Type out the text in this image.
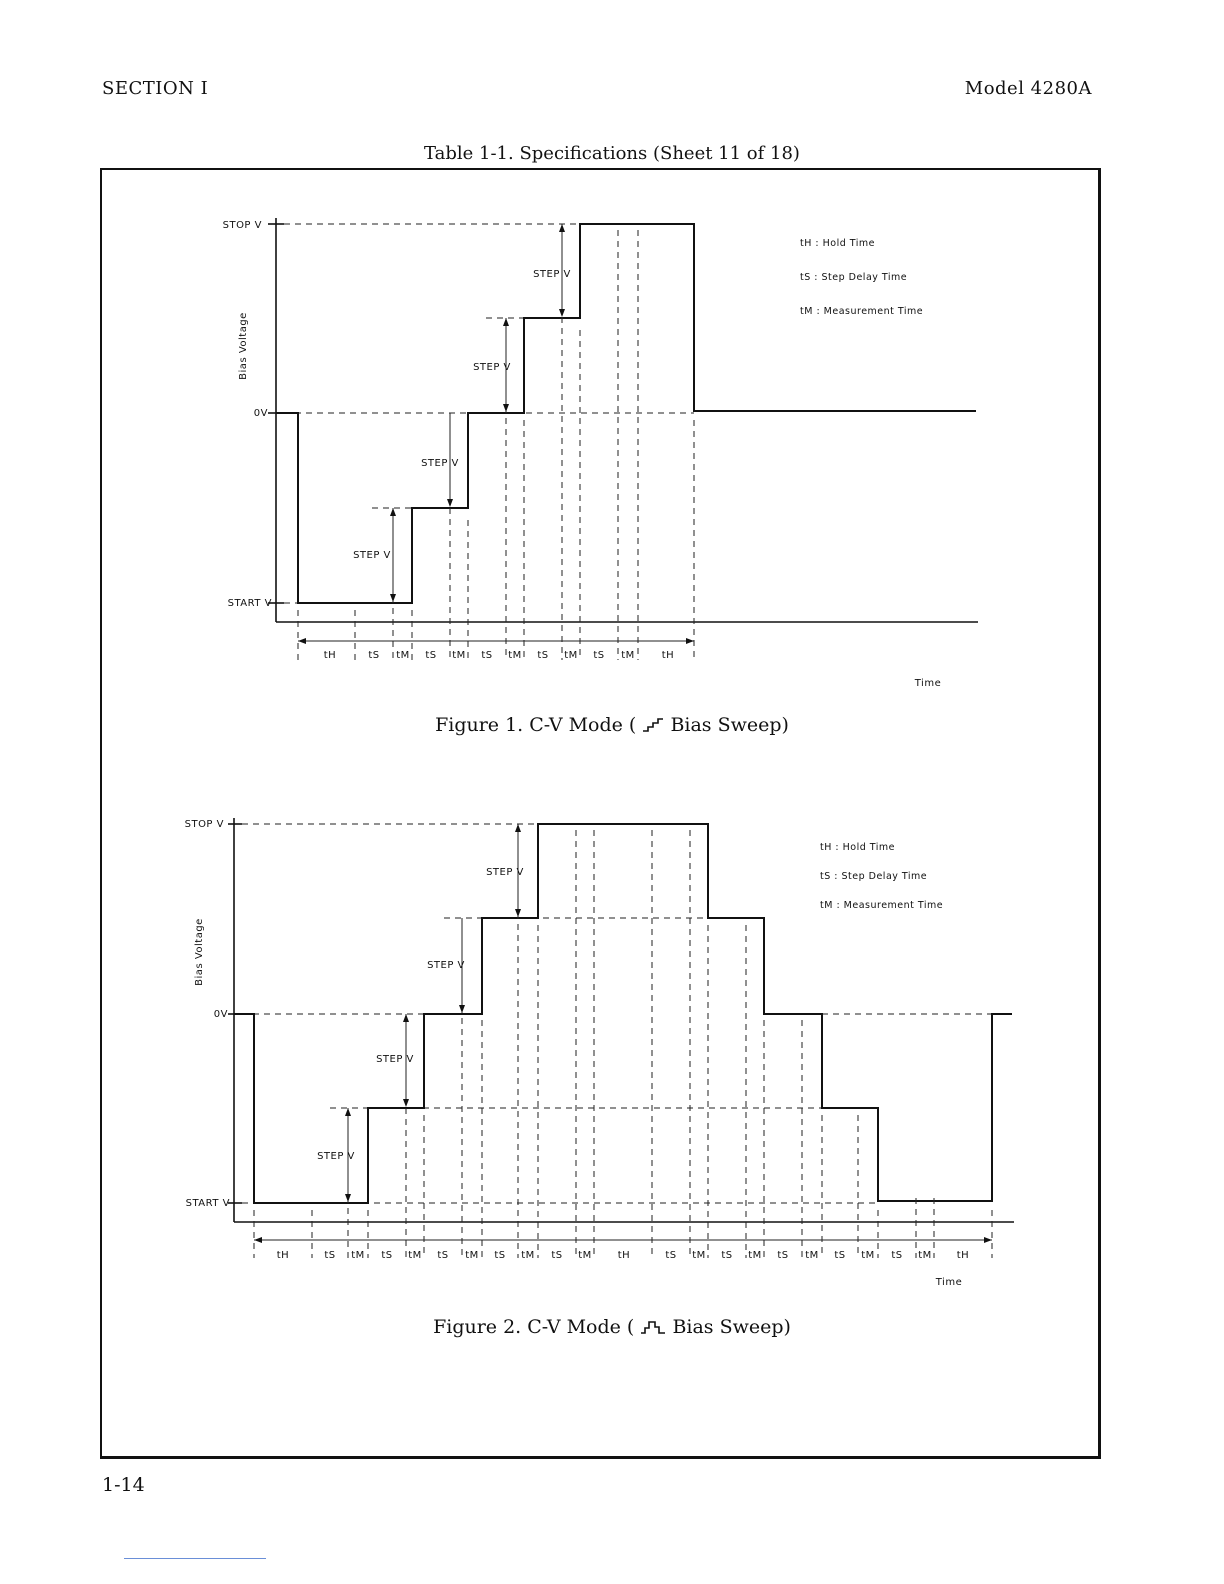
SECTION I	Model 4280A
Table 1-1. Specifications (Sheet 11 of 18)
STOP V
0V
START V
Bias Voltage
Time
STEP V
STEP V
STEP V
STEP V
tH : Hold Time
tS : Step Delay Time
tM : Measurement Time
tH	tS tM tS tM tS tM tS tM tS tM	tH
Figure 1. C-V Mode (  Bias Sweep)
STOP V
0V
START V
Bias Voltage
Time
STEP V
STEP V
STEP V
STEP V
tH : Hold Time
tS : Step Delay Time
tM : Measurement Time
tH	tS tM tS tM tS tM tS tM tS tM	tH	tS tM tS tM tS tM tS tM tS tM tH
Figure 2. C-V Mode (  Bias Sweep)
1-14
